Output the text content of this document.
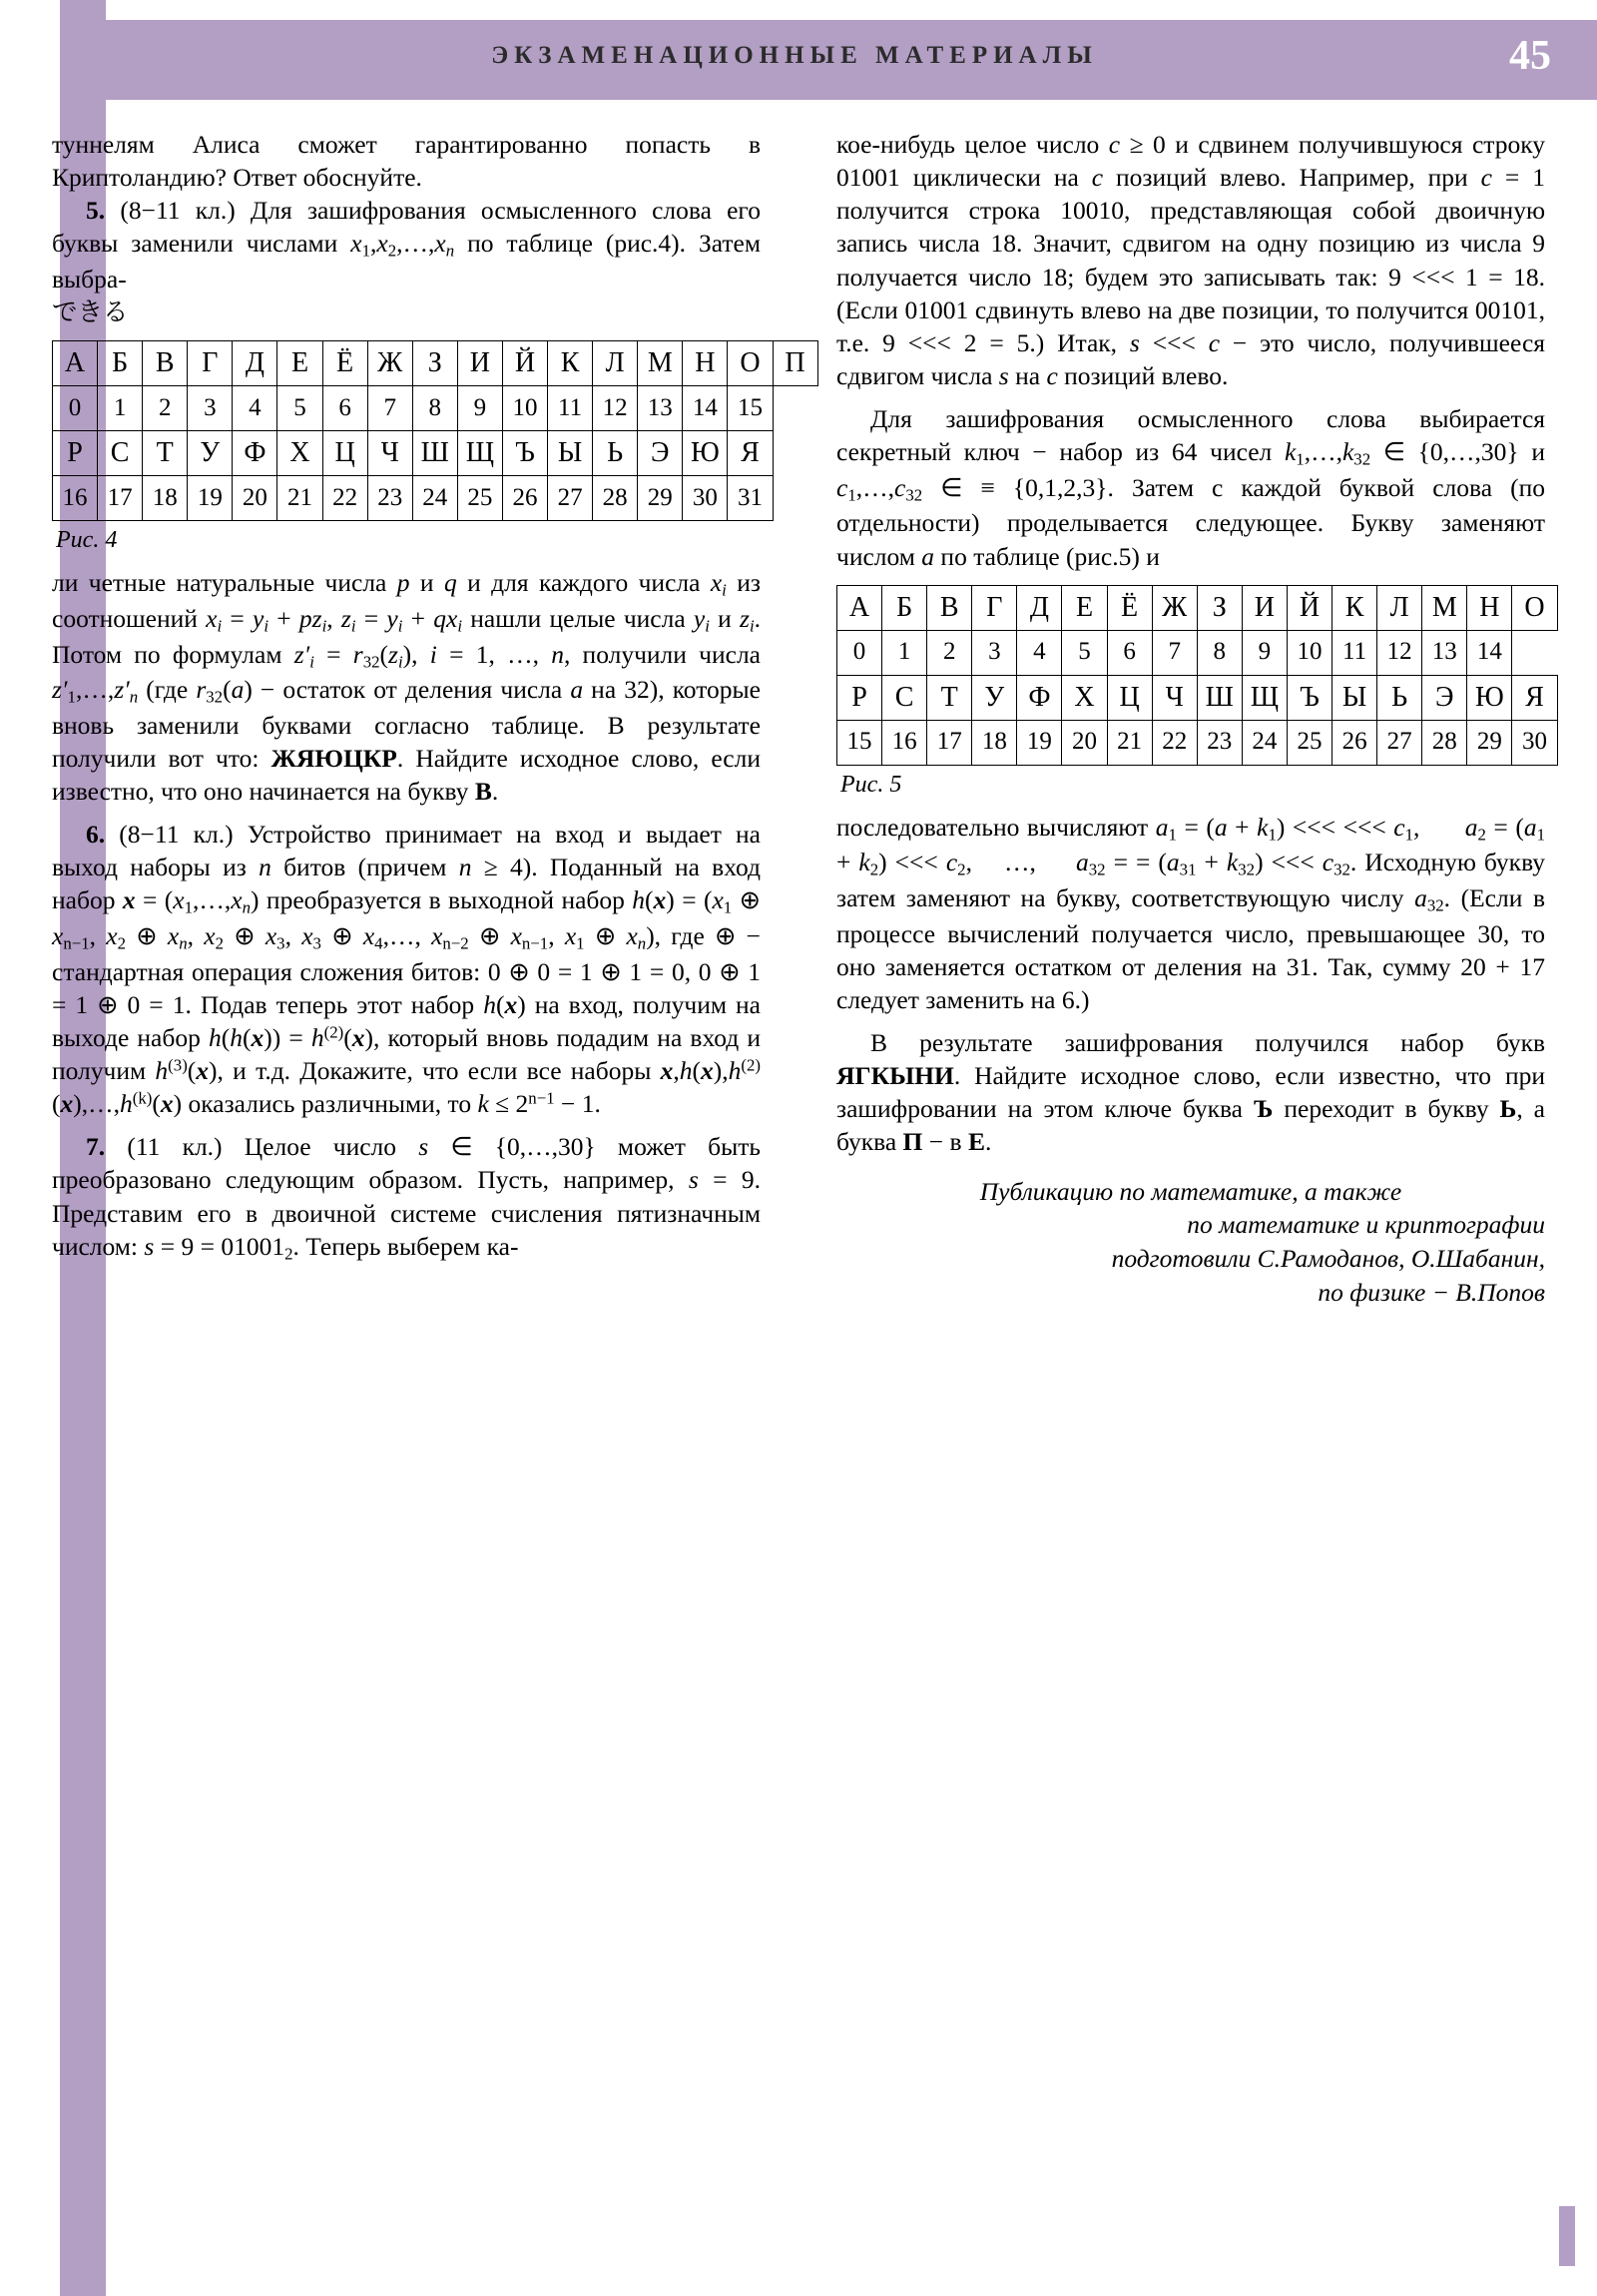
ЭКЗАМЕНАЦИОННЫЕ МАТЕРИАЛЫ	45

туннелям Алиса сможет гарантированно попасть в Криптоландию? Ответ обоснуйте.

5. (8−11 кл.) Для зашифрования осмысленного слова его буквы заменили числами $x1,x2,\dots,x_n$ по таблице (рис.4). Затем выбра-

できる
А	Б	В	Г	Д	Е	Ё	Ж	З	И	Й	К	Л	М	Н	О	П
0	1	2	3	4	5	6	7	8	9	10	11	12	13	14	15	
Р	С	Т	У	Ф	Х	Ц	Ч	Ш	Щ	Ъ	Ы	Ь	Э	Ю	Я	
16	17	18	19	20	21	22	23	24	25	26	27	28	29	30	31	
Рис. 4

ли четные натуральные числа p и q и для каждого числа $x_i$ из соотношений $x_i = y_i + pz_i$, $z_i = y_i + qx_i$ нашли целые числа $y_i$ и $z_i$. Потом по формулам $z'_i = r32(z_i)$, i = 1, …, n, получили числа $z'1,\dots,z'_n$ (где r32(a) − остаток от деления числа a на 32), которые вновь заменили буквами согласно таблице. В результате получили вот что: ЖЯЮЦКР. Найдите исходное слово, если известно, что оно начинается на букву В.

6. (8−11 кл.) Устройство принимает на вход и выдает на выход наборы из n битов (причем n ≥ 4). Поданный на вход набор $x = (x1,\dots,x_n)$ преобразуется в выходной набор h(x) = (x1 ⊕ xn−1, x2 ⊕ $x_n$, x2 ⊕ x3, x3 ⊕ x4,…, xn−2 ⊕ xn−1, x1 ⊕ $x_n$), где ⊕ − стандартная операция сложения битов: 0 ⊕ 0 = 1 ⊕ 1 = 0, 0 ⊕ 1 = 1 ⊕ 0 = 1. Подав теперь этот набор h(x) на вход, получим на выходе набор $h(h(x)) = h^{(2)}(x)$, который вновь подадим на вход и получим $h^{(3)}(x)$, и т.д. Докажите, что если все наборы $x,h(x),h^{(2)}(x),\dots,h^{(k)}(x)$ оказались различными, то $k \le 2^{n-1} - 1$.

7. (11 кл.) Целое число s ∈ {0,…,30} может быть преобразовано следующим образом. Пусть, например, s = 9. Представим его в двоичной системе счисления пятизначным числом: s = 9 = 010012. Теперь выберем ка-

кое-нибудь целое число c ≥ 0 и сдвинем получившуюся строку 01001 циклически на c позиций влево. Например, при c = 1 получится строка 10010, представляющая собой двоичную запись числа 18. Значит, сдвигом на одну позицию из числа 9 получается число 18; будем это записывать так: 9 <<< 1 = 18. (Если 01001 сдвинуть влево на две позиции, то получится 00101, т.е. 9 <<< 2 = 5.) Итак, s <<< c − это число, получившееся сдвигом числа s на c позиций влево.

Для зашифрования осмысленного слова выбирается секретный ключ − набор из 64 чисел k1,…,k32 ∈ {0,…,30} и c1,…,c32 ∈ ≡ {0,1,2,3}. Затем с каждой буквой слова (по отдельности) проделывается следующее. Букву заменяют числом a по таблице (рис.5) и

А	Б	В	Г	Д	Е	Ё	Ж	З	И	Й	К	Л	М	Н	О
0	1	2	3	4	5	6	7	8	9	10	11	12	13	14	
Р	С	Т	У	Ф	Х	Ц	Ч	Ш	Щ	Ъ	Ы	Ь	Э	Ю	Я
15	16	17	18	19	20	21	22	23	24	25	26	27	28	29	30
Рис. 5

последовательно вычисляют a1 = (a + k1) <<< <<< c1,      a2 = (a1 + k2) <<< c2,    …,     a32 = = (a31 + k32) <<< c32. Исходную букву затем заменяют на букву, соответствующую числу a32. (Если в процессе вычислений получается число, превышающее 30, то оно заменяется остатком от деления на 31. Так, сумму 20 + 17 следует заменить на 6.)

В результате зашифрования получился набор букв ЯГКЫНИ. Найдите исходное слово, если известно, что при зашифровании на этом ключе буква Ъ переходит в букву Ь, а буква П − в Е.

Публикацию по математике, а также
по математике и криптографии
подготовили С.Рамоданов, О.Шабанин,
по физике − В.Попов
